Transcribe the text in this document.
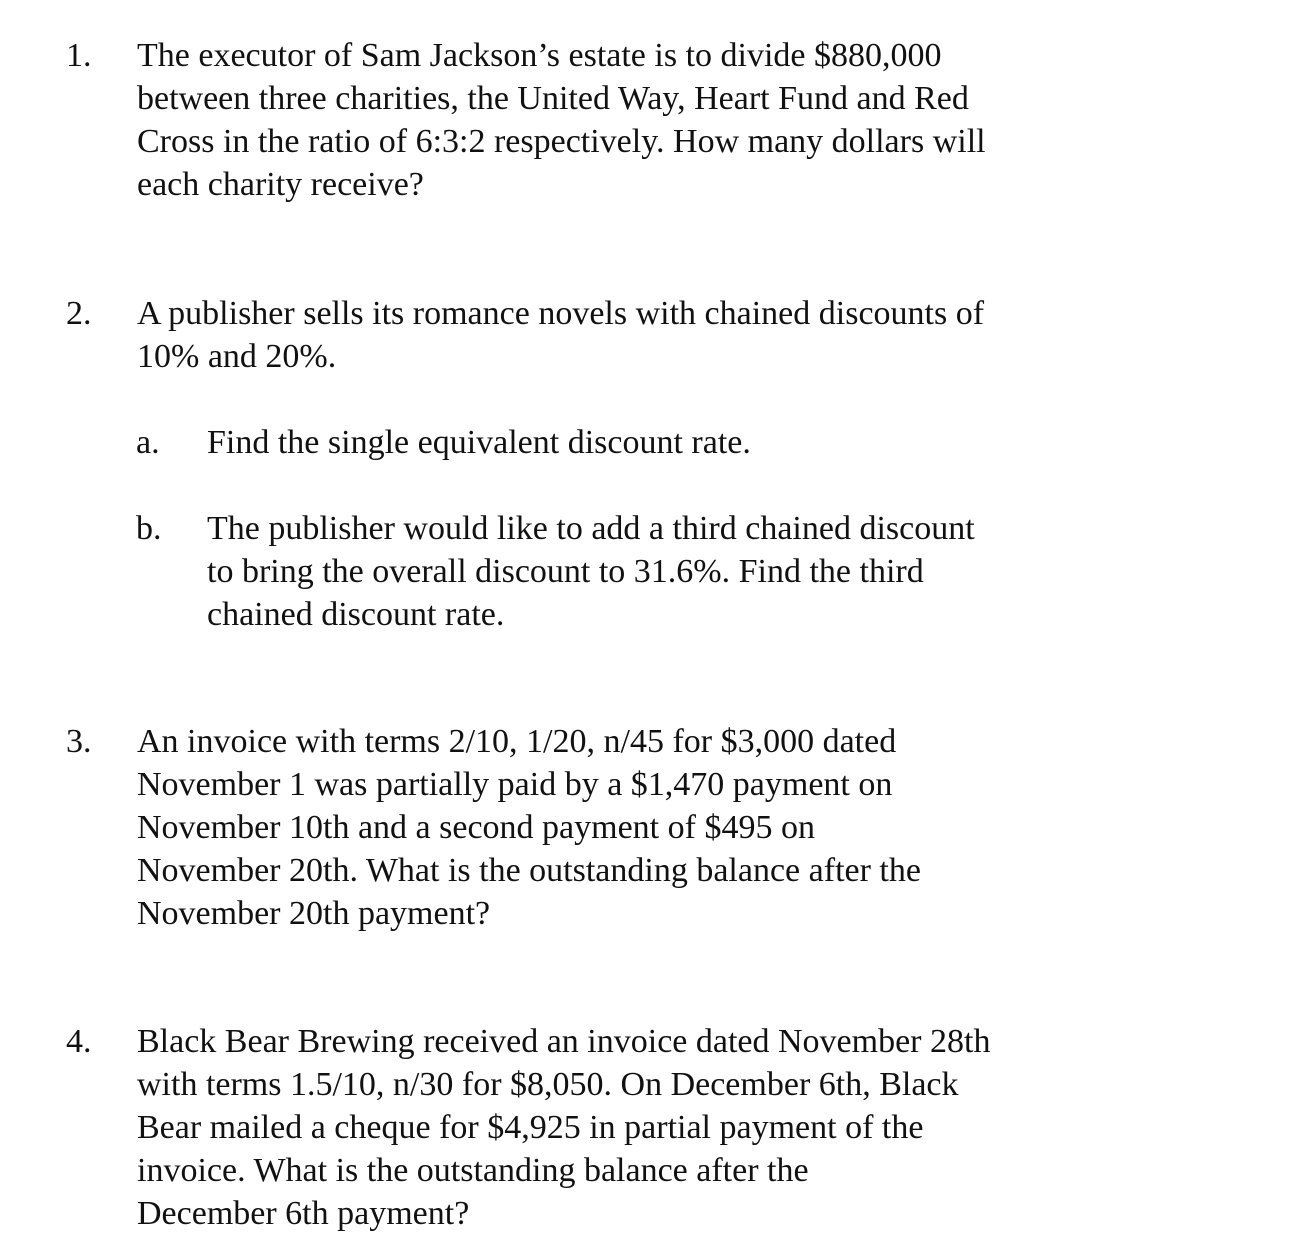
1. The executor of Sam Jackson’s estate is to divide $880,000
between three charities, the United Way, Heart Fund and Red
Cross in the ratio of 6:3:2 respectively. How many dollars will
each charity receive?
2. A publisher sells its romance novels with chained discounts of
10% and 20%.
a. Find the single equivalent discount rate.
b. The publisher would like to add a third chained discount
to bring the overall discount to 31.6%. Find the third
chained discount rate.
3. An invoice with terms 2/10, 1/20, n/45 for $3,000 dated
November 1 was partially paid by a $1,470 payment on
November 10th and a second payment of $495 on
November 20th. What is the outstanding balance after the
November 20th payment?
4. Black Bear Brewing received an invoice dated November 28th
with terms 1.5/10, n/30 for $8,050. On December 6th, Black
Bear mailed a cheque for $4,925 in partial payment of the
invoice. What is the outstanding balance after the
December 6th payment?
